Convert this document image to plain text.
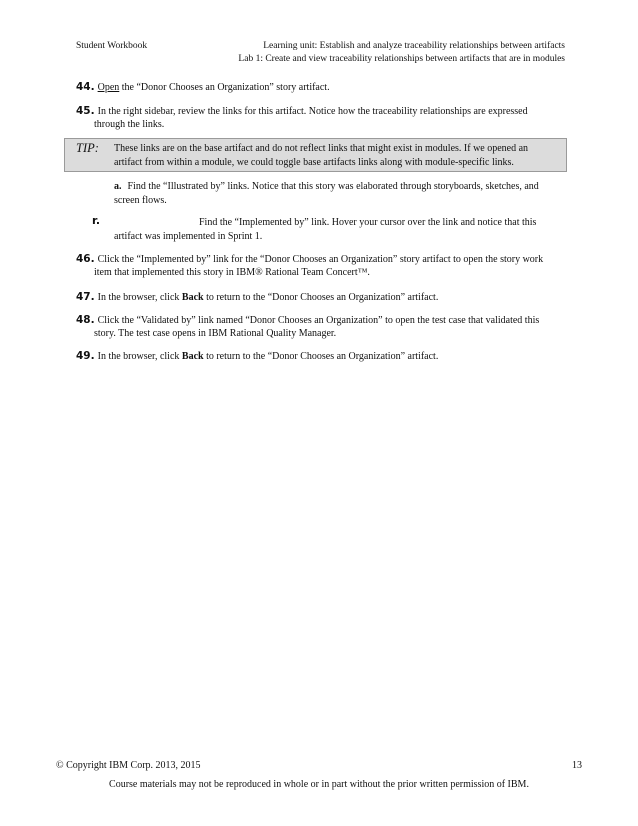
Student Workbook	Learning unit: Establish and analyze traceability relationships between artifacts
Lab 1: Create and view traceability relationships between artifacts that are in modules
44. Open the “Donor Chooses an Organization” story artifact.
45. In the right sidebar, review the links for this artifact. Notice how the traceability relationships are expressed
through the links.
TIP: These links are on the base artifact and do not reflect links that might exist in modules. If we opened an
artifact from within a module, we could toggle base artifacts links along with module-specific links.
a. Find the “Illustrated by” links. Notice that this story was elaborated through storyboards, sketches, and
screen flows.
r.	Find the “Implemented by” link. Hover your cursor over the link and notice that this
artifact was implemented in Sprint 1.
46. Click the “Implemented by” link for the “Donor Chooses an Organization” story artifact to open the story work
item that implemented this story in IBM® Rational Team Concert™.
47. In the browser, click Back to return to the “Donor Chooses an Organization” artifact.
48. Click the “Validated by” link named “Donor Chooses an Organization” to open the test case that validated this
story. The test case opens in IBM Rational Quality Manager.
49. In the browser, click Back to return to the “Donor Chooses an Organization” artifact.
© Copyright IBM Corp. 2013, 2015	13
Course materials may not be reproduced in whole or in part without the prior written permission of IBM.
